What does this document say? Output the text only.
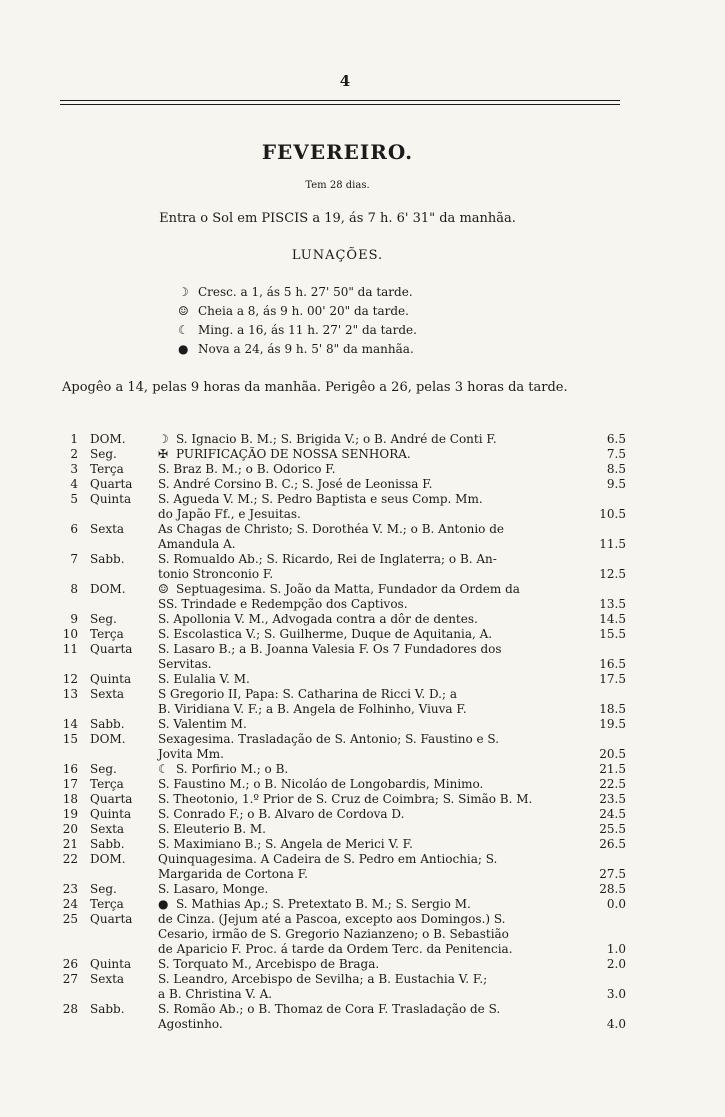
4
FEVEREIRO.
Tem 28 dias.
Entra o Sol em PISCIS a 19, ás 7 h. 6' 31" da manhãa.
LUNAÇÕES.
☽ Cresc. a 1, ás 5 h. 27' 50" da tarde.
☺ Cheia a 8, ás 9 h. 00' 20" da tarde.
☾ Ming. a 16, ás 11 h. 27' 2" da tarde.
● Nova a 24, ás 9 h. 5' 8" da manhãa.
Apogêo a 14, pelas 9 horas da manhãa. Perigêo a 26, pelas 3 horas da tarde.
1 DOM.	☽ S. Ignacio B. M.; S. Brigida V.; o B. André de Conti F.	6.5
2 Seg.	✠ PURIFICAÇÃO DE NOSSA SENHORA.	7.5
3 Terça	S. Braz B. M.; o B. Odorico F.	8.5
4 Quarta	S. André Corsino B. C.; S. José de Leonissa F.	9.5
5 Quinta	S. Agueda V. M.; S. Pedro Baptista e seus Comp. Mm.
do Japão Ff., e Jesuitas.	10.5
6 Sexta	As Chagas de Christo; S. Dorothéa V. M.; o B. Antonio de
Amandula A.	11.5
7 Sabb.	S. Romualdo Ab.; S. Ricardo, Rei de Inglaterra; o B. An-
tonio Stronconio F.	12.5
8 DOM.	☺ Septuagesima. S. João da Matta, Fundador da Ordem da
SS. Trindade e Redempção dos Captivos.	13.5
9 Seg.	S. Apollonia V. M., Advogada contra a dôr de dentes.	14.5
10 Terça	S. Escolastica V.; S. Guilherme, Duque de Aquitania, A.	15.5
11 Quarta	S. Lasaro B.; a B. Joanna Valesia F. Os 7 Fundadores dos
Servitas.	16.5
12 Quinta	S. Eulalia V. M.	17.5
13 Sexta	S Gregorio II, Papa: S. Catharina de Ricci V. D.; a
B. Viridiana V. F.; a B. Angela de Folhinho, Viuva F.	18.5
14 Sabb.	S. Valentim M.	19.5
15 DOM.	Sexagesima. Trasladação de S. Antonio; S. Faustino e S.
Jovita Mm.	20.5
16 Seg.	☾ S. Porfirio M.; o B.	21.5
17 Terça	S. Faustino M.; o B. Nicoláo de Longobardis, Minimo.	22.5
18 Quarta	S. Theotonio, 1.º Prior de S. Cruz de Coimbra; S. Simão B. M.	23.5
19 Quinta	S. Conrado F.; o B. Alvaro de Cordova D.	24.5
20 Sexta	S. Eleuterio B. M.	25.5
21 Sabb.	S. Maximiano B.; S. Angela de Merici V. F.	26.5
22 DOM.	Quinquagesima. A Cadeira de S. Pedro em Antiochia; S.
Margarida de Cortona F.	27.5
23 Seg.	S. Lasaro, Monge.	28.5
24 Terça	● S. Mathias Ap.; S. Pretextato B. M.; S. Sergio M.	0.0
25 Quarta	de Cinza. (Jejum até a Pascoa, excepto aos Domingos.) S.
Cesario, irmão de S. Gregorio Nazianzeno; o B. Sebastião
de Aparicio F. Proc. á tarde da Ordem Terc. da Penitencia.	1.0
26 Quinta	S. Torquato M., Arcebispo de Braga.	2.0
27 Sexta	S. Leandro, Arcebispo de Sevilha; a B. Eustachia V. F.;
a B. Christina V. A.	3.0
28 Sabb.	S. Romão Ab.; o B. Thomaz de Cora F. Trasladação de S.
Agostinho.	4.0
